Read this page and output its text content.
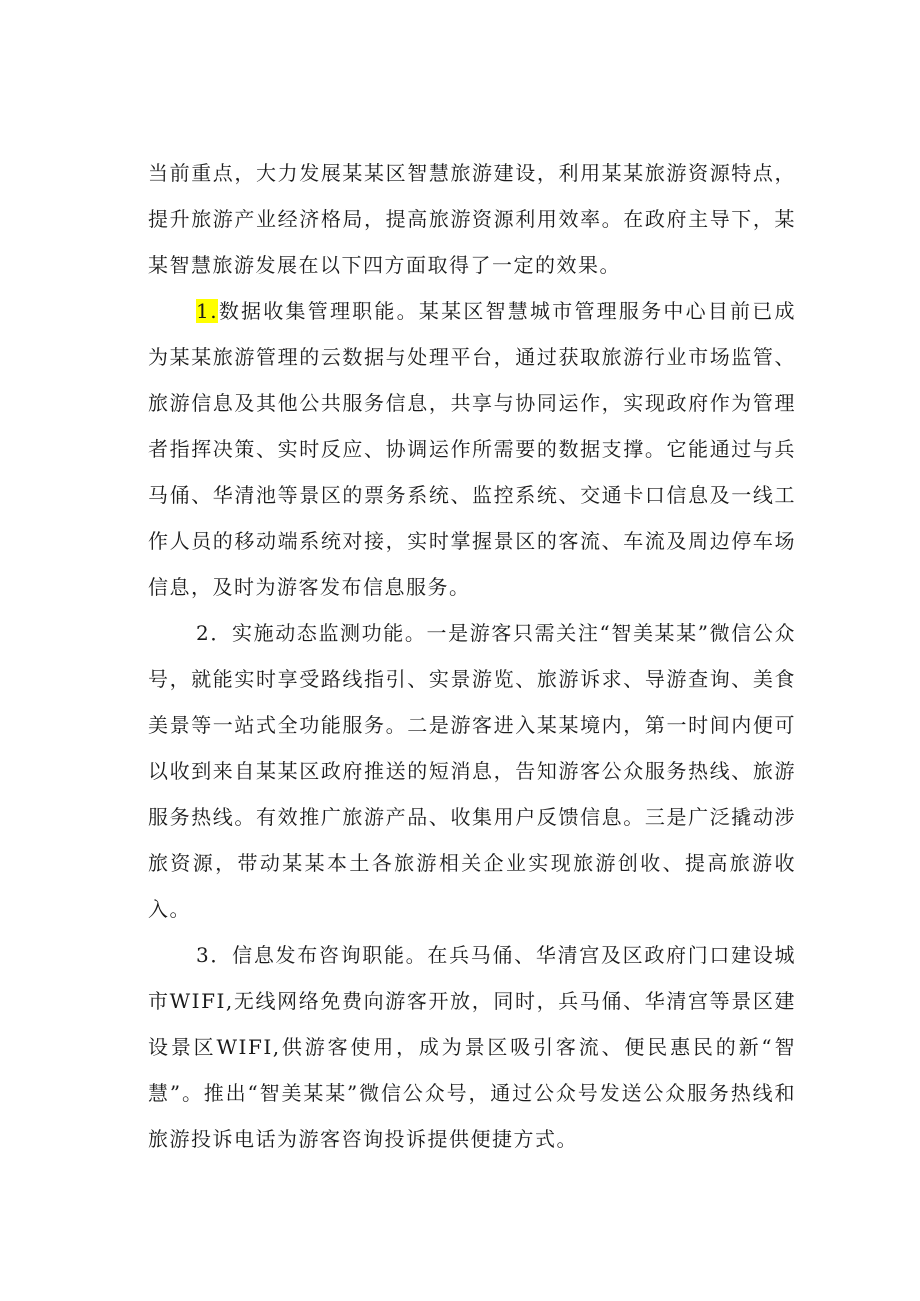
当前重点，大力发展某某区智慧旅游建设，利用某某旅游资源特点，提升旅游产业经济格局，提高旅游资源利用效率。在政府主导下，某某智慧旅游发展在以下四方面取得了一定的效果。

1.数据收集管理职能。某某区智慧城市管理服务中心目前已成为某某旅游管理的云数据与处理平台，通过获取旅游行业市场监管、旅游信息及其他公共服务信息，共享与协同运作，实现政府作为管理者指挥决策、实时反应、协调运作所需要的数据支撑。它能通过与兵马俑、华清池等景区的票务系统、监控系统、交通卡口信息及一线工作人员的移动端系统对接，实时掌握景区的客流、车流及周边停车场信息，及时为游客发布信息服务。

2．实施动态监测功能。一是游客只需关注“智美某某”微信公众号，就能实时享受路线指引、实景游览、旅游诉求、导游查询、美食美景等一站式全功能服务。二是游客进入某某境内，第一时间内便可以收到来自某某区政府推送的短消息，告知游客公众服务热线、旅游服务热线。有效推广旅游产品、收集用户反馈信息。三是广泛撬动涉旅资源，带动某某本土各旅游相关企业实现旅游创收、提高旅游收入。

3．信息发布咨询职能。在兵马俑、华清宫及区政府门口建设城市WIFI,无线网络免费向游客开放，同时，兵马俑、华清宫等景区建设景区WIFI,供游客使用，成为景区吸引客流、便民惠民的新“智慧”。推出“智美某某”微信公众号，通过公众号发送公众服务热线和旅游投诉电话为游客咨询投诉提供便捷方式。
